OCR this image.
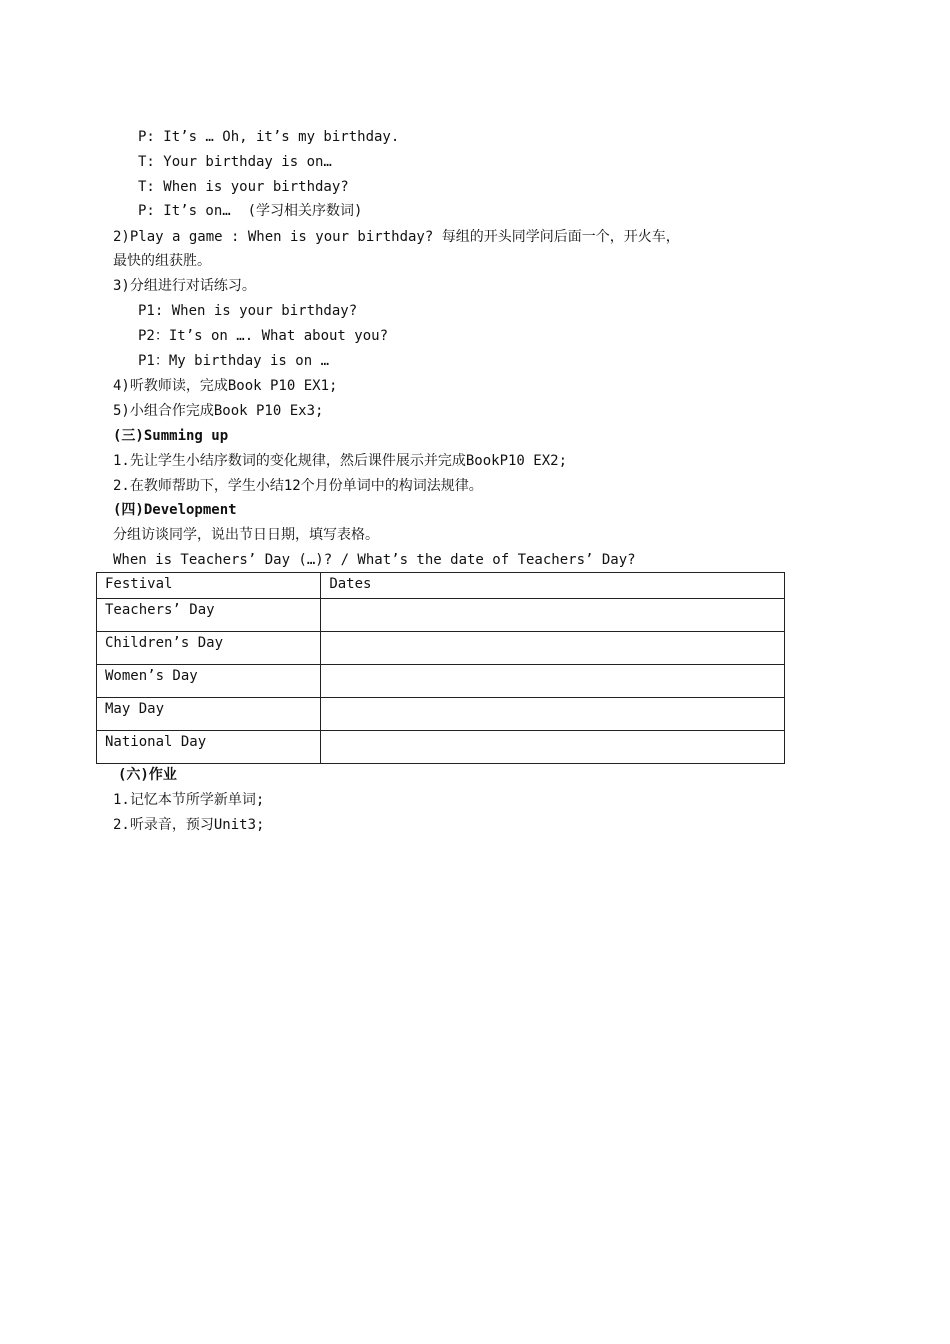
P: It’s … Oh, it’s my birthday.
T: Your birthday is on…
T: When is your birthday?
P: It’s on…  (学习相关序数词)
2)Play a game : When is your birthday? 每组的开头同学问后面一个，开火车，
最快的组获胜。
3)分组进行对话练习。
P1: When is your birthday?
P2：It’s on …. What about you?
P1：My birthday is on …
4)听教师读，完成Book P10 EX1;
5)小组合作完成Book P10 Ex3;
(三)Summing up
1.先让学生小结序数词的变化规律，然后课件展示并完成BookP10 EX2;
2.在教师帮助下，学生小结12个月份单词中的构词法规律。
(四)Development
分组访谈同学，说出节日日期，填写表格。
When is Teachers’ Day (…)? / What’s the date of Teachers’ Day?
Festival	Dates
Teachers’ Day	
Children’s Day	
Women’s Day	
May Day	
National Day	
(六)作业
1.记忆本节所学新单词;
2.听录音，预习Unit3;
